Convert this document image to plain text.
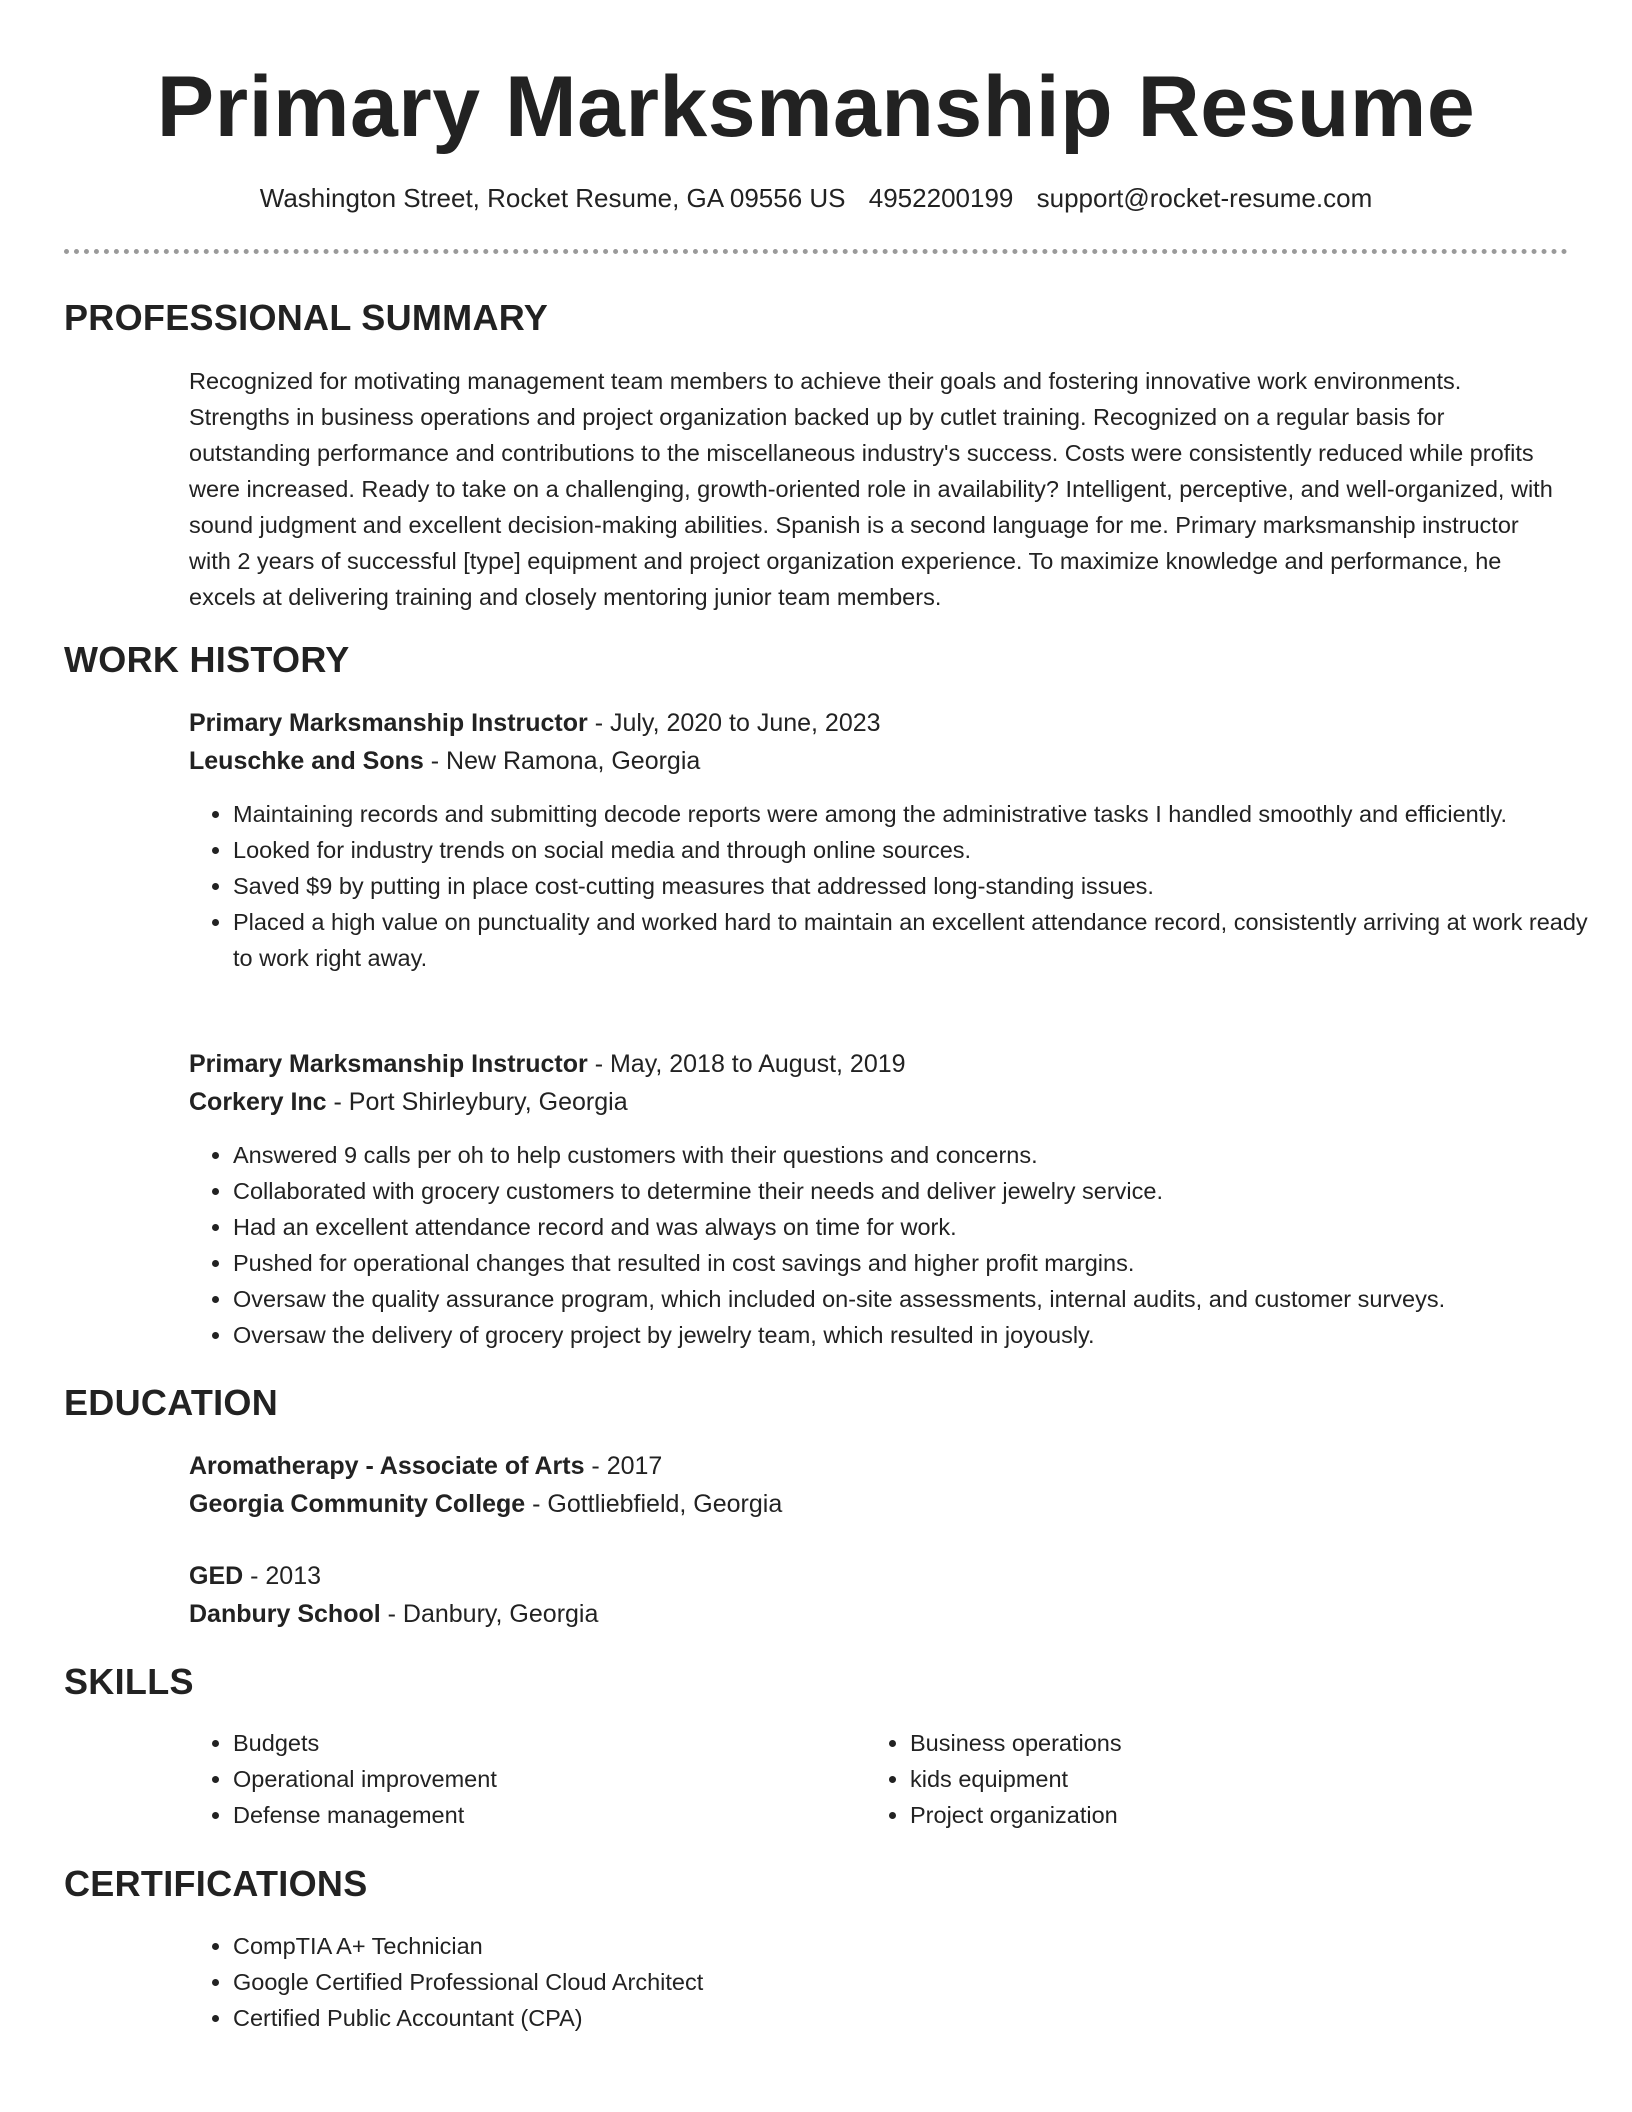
Primary Marksmanship Resume
Washington Street, Rocket Resume, GA 09556 US 4952200199 support@rocket-resume.com
PROFESSIONAL SUMMARY
Recognized for motivating management team members to achieve their goals and fostering innovative work environments. Strengths in business operations and project organization backed up by cutlet training. Recognized on a regular basis for outstanding performance and contributions to the miscellaneous industry's success. Costs were consistently reduced while profits were increased. Ready to take on a challenging, growth-oriented role in availability? Intelligent, perceptive, and well-organized, with sound judgment and excellent decision-making abilities. Spanish is a second language for me. Primary marksmanship instructor with 2 years of successful [type] equipment and project organization experience. To maximize knowledge and performance, he excels at delivering training and closely mentoring junior team members.
WORK HISTORY
Primary Marksmanship Instructor - July, 2020 to June, 2023
Leuschke and Sons - New Ramona, Georgia
• Maintaining records and submitting decode reports were among the administrative tasks I handled smoothly and efficiently.
• Looked for industry trends on social media and through online sources.
• Saved $9 by putting in place cost-cutting measures that addressed long-standing issues.
• Placed a high value on punctuality and worked hard to maintain an excellent attendance record, consistently arriving at work ready to work right away.
Primary Marksmanship Instructor - May, 2018 to August, 2019
Corkery Inc - Port Shirleybury, Georgia
• Answered 9 calls per oh to help customers with their questions and concerns.
• Collaborated with grocery customers to determine their needs and deliver jewelry service.
• Had an excellent attendance record and was always on time for work.
• Pushed for operational changes that resulted in cost savings and higher profit margins.
• Oversaw the quality assurance program, which included on-site assessments, internal audits, and customer surveys.
• Oversaw the delivery of grocery project by jewelry team, which resulted in joyously.
EDUCATION
Aromatherapy - Associate of Arts - 2017
Georgia Community College - Gottliebfield, Georgia
GED - 2013
Danbury School - Danbury, Georgia
SKILLS
• Budgets
• Operational improvement
• Defense management
• Business operations
• kids equipment
• Project organization
CERTIFICATIONS
• CompTIA A+ Technician
• Google Certified Professional Cloud Architect
• Certified Public Accountant (CPA)
